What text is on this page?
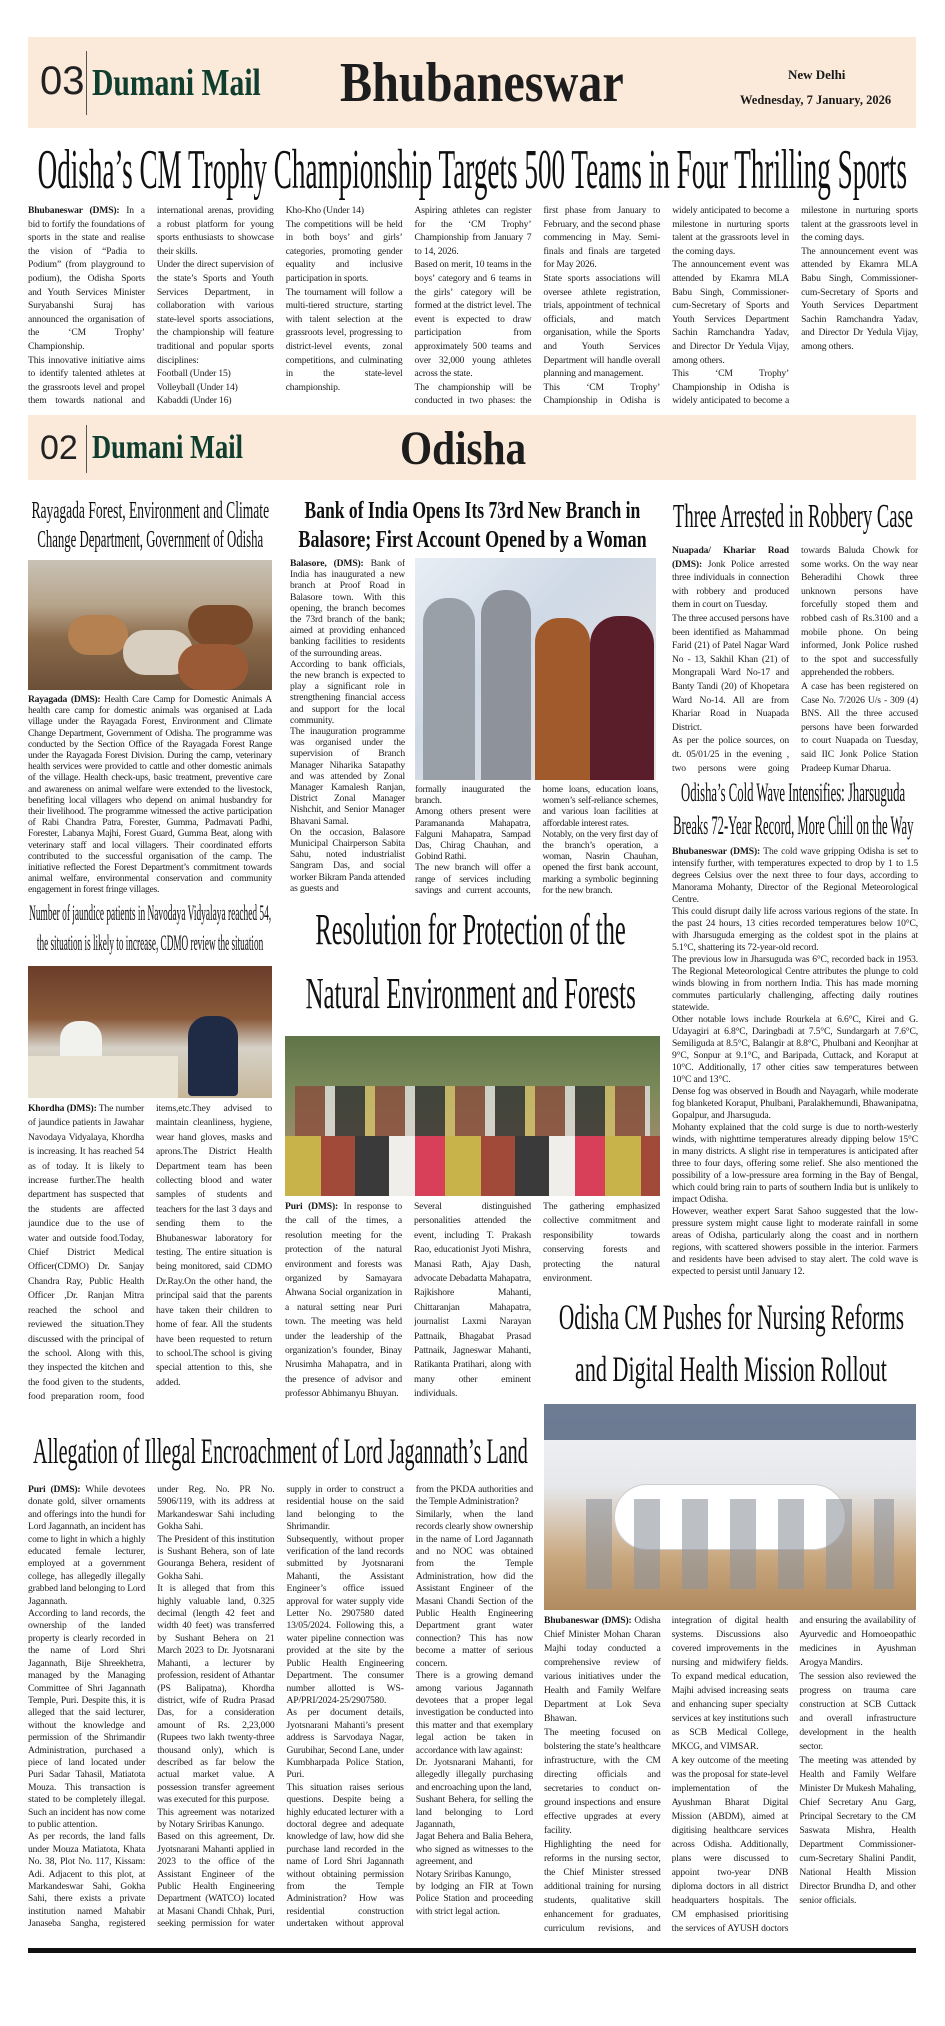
03 Dumani Mail Bhubaneswar	New Delhi
Wednesday, 7 January, 2026
Odisha’s CM Trophy Championship Targets 500 Teams in Four Thrilling Sports

Bhubaneswar (DMS): In a bid to fortify the foundations of sports in the state and realise the vision of “Padia to Podium” (from playground to podium), the Odisha Sports and Youth Services Minister Suryabanshi Suraj has announced the organisation of the ‘CM Trophy’ Championship.

This innovative initiative aims to identify talented athletes at the grassroots level and propel them towards national and international arenas, providing a robust platform for young sports enthusiasts to showcase their skills.

Under the direct supervision of the state’s Sports and Youth Services Department, in collaboration with various state-level sports associations, the championship will feature traditional and popular sports disciplines:

Football (Under 15)

Volleyball (Under 14)

Kabaddi (Under 16)

Kho-Kho (Under 14)

The competitions will be held in both boys’ and girls’ categories, promoting gender equality and inclusive participation in sports.

The tournament will follow a multi-tiered structure, starting with talent selection at the grassroots level, progressing to district-level events, zonal competitions, and culminating in the state-level championship.

Aspiring athletes can register for the ‘CM Trophy’ Championship from January 7 to 14, 2026.

Based on merit, 10 teams in the boys’ category and 6 teams in the girls’ category will be formed at the district level. The event is expected to draw participation from approximately 500 teams and over 32,000 young athletes across the state.

The championship will be conducted in two phases: the first phase from January to February, and the second phase commencing in May. Semi-finals and finals are targeted for May 2026.

State sports associations will oversee athlete registration, trials, appointment of technical officials, and match organisation, while the Sports and Youth Services Department will handle overall planning and management.

This ‘CM Trophy’ Championship in Odisha is widely anticipated to become a milestone in nurturing sports talent at the grassroots level in the coming days.

The announcement event was attended by Ekamra MLA Babu Singh, Commissioner-cum-Secretary of Sports and Youth Services Department Sachin Ramchandra Yadav, and Director Dr Yedula Vijay, among others.

This ‘CM Trophy’ Championship in Odisha is widely anticipated to become a milestone in nurturing sports talent at the grassroots level in the coming days.

The announcement event was attended by Ekamra MLA Babu Singh, Commissioner-cum-Secretary of Sports and Youth Services Department Sachin Ramchandra Yadav, and Director Dr Yedula Vijay, among others.

02 Dumani Mail	Odisha
Rayagada Forest, Environment and Climate
Change Department, Government of Odisha

Rayagada (DMS): Health Care Camp for Domestic Animals A health care camp for domestic animals was organised at Lada village under the Rayagada Forest, Environment and Climate Change Department, Government of Odisha. The programme was conducted by the Section Office of the Rayagada Forest Range under the Rayagada Forest Division. During the camp, veterinary health services were provided to cattle and other domestic animals of the village. Health check-ups, basic treatment, preventive care and awareness on animal welfare were extended to the livestock, benefiting local villagers who depend on animal husbandry for their livelihood. The programme witnessed the active participation of Rabi Chandra Patra, Forester, Gumma, Padmavati Padhi, Forester, Labanya Majhi, Forest Guard, Gumma Beat, along with veterinary staff and local villagers. Their coordinated efforts contributed to the successful organisation of the camp. The initiative reflected the Forest Department’s commitment towards animal welfare, environmental conservation and community engagement in forest fringe villages.

Number of jaundice patients in Navodaya Vidyalaya reached 54,
the situation is likely to increase, CDMO review the situation

Khordha (DMS): The number of jaundice patients in Jawahar Navodaya Vidyalaya, Khordha is increasing. It has reached 54 as of today. It is likely to increase further.The health department has suspected that the students are affected jaundice due to the use of water and outside food.Today, Chief District Medical Officer(CDMO) Dr. Sanjay Chandra Ray, Public Health Officer ,Dr. Ranjan Mitra reached the school and reviewed the situation.They discussed with the principal of the school. Along with this, they inspected the kitchen and the food given to the students, food preparation room, food items,etc.They advised to maintain cleanliness, hygiene, wear hand gloves, masks and aprons.The District Health Department team has been collecting blood and water samples of students and teachers for the last 3 days and sending them to the Bhubaneswar laboratory for testing. The entire situation is being monitored, said CDMO Dr.Ray.On the other hand, the principal said that the parents have taken their children to home of fear. All the students have been requested to return to school.The school is giving special attention to this, she added.

Bank of India Opens Its 73rd New Branch in
Balasore; First Account Opened by a Woman

Balasore, (DMS): Bank of India has inaugurated a new branch at Proof Road in Balasore town. With this opening, the branch becomes the 73rd branch of the bank; aimed at providing enhanced banking facilities to residents of the surrounding areas.

According to bank officials, the new branch is expected to play a significant role in strengthening financial access and support for the local community.

The inauguration programme was organised under the supervision of Branch Manager Niharika Satapathy and was attended by Zonal Manager Kamalesh Ranjan, District Zonal Manager Nishchit, and Senior Manager Bhavani Samal.

On the occasion, Balasore Municipal Chairperson Sabita Sahu, noted industrialist Sangram Das, and social worker Bikram Panda attended as guests and

formally inaugurated the branch.

Among others present were Paramananda Mahapatra, Falguni Mahapatra, Sampad Das, Chirag Chauhan, and Gobind Rathi.

The new branch will offer a range of services including savings and current accounts, home loans, education loans, women’s self-reliance schemes, and various loan facilities at affordable interest rates.

Notably, on the very first day of the branch’s operation, a woman, Nasrin Chauhan, opened the first bank account, marking a symbolic beginning for the new branch.

Resolution for Protection of the
Natural Environment and Forests

Puri (DMS): In response to the call of the times, a resolution meeting for the protection of the natural environment and forests was organized by Samayara Ahwana Social organization in a natural setting near Puri town. The meeting was held under the leadership of the organization’s founder, Binay Nrusimha Mahapatra, and in the presence of advisor and professor Abhimanyu Bhuyan.

Several distinguished personalities attended the event, including T. Prakash Rao, educationist Jyoti Mishra, Manasi Rath, Ajay Dash, advocate Debadatta Mahapatra, Rajkishore Mahanti, Chittaranjan Mahapatra, journalist Laxmi Narayan Pattnaik, Bhagabat Prasad Pattnaik, Jagneswar Mahanti, Ratikanta Pratihari, along with many other eminent individuals.

The gathering emphasized collective commitment and responsibility towards conserving forests and protecting the natural environment.

Three Arrested in Robbery Case

Nuapada/ Khariar Road (DMS): Jonk Police arrested three individuals in connection with robbery and produced them in court on Tuesday.

The three accused persons have been identified as Mahammad Farid (21) of Patel Nagar Ward No - 13, Sakhil Khan (21) of Mongrapali Ward No-17 and Banty Tandi (20) of Khopetara Ward No-14. All are from Khariar Road in Nuapada District.

As per the police sources, on dt. 05/01/25 in the evening , two persons were going towards Baluda Chowk for some works. On the way near Beheradihi Chowk three unknown persons have forcefully stoped them and robbed cash of Rs.3100 and a mobile phone. On being informed, Jonk Police rushed to the spot and successfully apprehended the robbers.

A case has been registered on Case No. 7/2026 U/s - 309 (4) BNS. All the three accused persons have been forwarded to court Nuapada on Tuesday, said IIC Jonk Police Station Pradeep Kumar Dharua.

Odisha’s Cold Wave Intensifies: Jharsuguda
Breaks 72-Year Record, More Chill on the Way

Bhubaneswar (DMS): The cold wave gripping Odisha is set to intensify further, with temperatures expected to drop by 1 to 1.5 degrees Celsius over the next three to four days, according to Manorama Mohanty, Director of the Regional Meteorological Centre.

This could disrupt daily life across various regions of the state. In the past 24 hours, 13 cities recorded temperatures below 10°C, with Jharsuguda emerging as the coldest spot in the plains at 5.1°C, shattering its 72-year-old record.

The previous low in Jharsuguda was 6°C, recorded back in 1953. The Regional Meteorological Centre attributes the plunge to cold winds blowing in from northern India. This has made morning commutes particularly challenging, affecting daily routines statewide.

Other notable lows include Rourkela at 6.6°C, Kirei and G. Udayagiri at 6.8°C, Daringbadi at 7.5°C, Sundargarh at 7.6°C, Semiliguda at 8.5°C, Balangir at 8.8°C, Phulbani and Keonjhar at 9°C, Sonpur at 9.1°C, and Baripada, Cuttack, and Koraput at 10°C. Additionally, 17 other cities saw temperatures between 10°C and 13°C.

Dense fog was observed in Boudh and Nayagarh, while moderate fog blanketed Koraput, Phulbani, Paralakhemundi, Bhawanipatna, Gopalpur, and Jharsuguda.

Mohanty explained that the cold surge is due to north-westerly winds, with nighttime temperatures already dipping below 15°C in many districts. A slight rise in temperatures is anticipated after three to four days, offering some relief. She also mentioned the possibility of a low-pressure area forming in the Bay of Bengal, which could bring rain to parts of southern India but is unlikely to impact Odisha.

However, weather expert Sarat Sahoo suggested that the low-pressure system might cause light to moderate rainfall in some areas of Odisha, particularly along the coast and in northern regions, with scattered showers possible in the interior. Farmers and residents have been advised to stay alert. The cold wave is expected to persist until January 12.

Odisha CM Pushes for Nursing Reforms
and Digital Health Mission Rollout

Bhubaneswar (DMS): Odisha Chief Minister Mohan Charan Majhi today conducted a comprehensive review of various initiatives under the Health and Family Welfare Department at Lok Seva Bhawan.

The meeting focused on bolstering the state’s healthcare infrastructure, with the CM directing officials and secretaries to conduct on-ground inspections and ensure effective upgrades at every facility.

Highlighting the need for reforms in the nursing sector, the Chief Minister stressed additional training for nursing students, qualitative skill enhancement for graduates, curriculum revisions, and integration of digital health systems. Discussions also covered improvements in the nursing and midwifery fields. To expand medical education, Majhi advised increasing seats and enhancing super specialty services at key institutions such as SCB Medical College, MKCG, and VIMSAR.

A key outcome of the meeting was the proposal for state-level implementation of the Ayushman Bharat Digital Mission (ABDM), aimed at digitising healthcare services across Odisha. Additionally, plans were discussed to appoint two-year DNB diploma doctors in all district headquarters hospitals. The CM emphasised prioritising the services of AYUSH doctors and ensuring the availability of Ayurvedic and Homoeopathic medicines in Ayushman Arogya Mandirs.

The session also reviewed the progress on trauma care construction at SCB Cuttack and overall infrastructure development in the health sector.

The meeting was attended by Health and Family Welfare Minister Dr Mukesh Mahaling, Chief Secretary Anu Garg, Principal Secretary to the CM Saswata Mishra, Health Department Commissioner-cum-Secretary Shalini Pandit, National Health Mission Director Brundha D, and other senior officials.

Allegation of Illegal Encroachment of Lord Jagannath’s Land

Puri (DMS): While devotees donate gold, silver ornaments and offerings into the hundi for Lord Jagannath, an incident has come to light in which a highly educated female lecturer, employed at a government college, has allegedly illegally grabbed land belonging to Lord Jagannath.

According to land records, the ownership of the landed property is clearly recorded in the name of Lord Shri Jagannath, Bije Shreekhetra, managed by the Managing Committee of Shri Jagannath Temple, Puri. Despite this, it is alleged that the said lecturer, without the knowledge and permission of the Shrimandir Administration, purchased a piece of land located under Puri Sadar Tahasil, Matiatota Mouza. This transaction is stated to be completely illegal. Such an incident has now come to public attention.

As per records, the land falls under Mouza Matiatota, Khata No. 38, Plot No. 117, Kissam: Adi. Adjacent to this plot, at Markandeswar Sahi, Gokha Sahi, there exists a private institution named Mahabir Janaseba Sangha, registered under Reg. No. PR No. 5906/119, with its address at Markandeswar Sahi including Gokha Sahi.

The President of this institution is Sushant Behera, son of late Gouranga Behera, resident of Gokha Sahi.

It is alleged that from this highly valuable land, 0.325 decimal (length 42 feet and width 40 feet) was transferred by Sushant Behera on 21 March 2023 to Dr. Jyotsnarani Mahanti, a lecturer by profession, resident of Athantar (PS Balipatna), Khordha district, wife of Rudra Prasad Das, for a consideration amount of Rs. 2,23,000 (Rupees two lakh twenty-three thousand only), which is described as far below the actual market value. A possession transfer agreement was executed for this purpose.

This agreement was notarized by Notary Sriribas Kanungo.

Based on this agreement, Dr. Jyotsnarani Mahanti applied in 2023 to the office of the Assistant Engineer of the Public Health Engineering Department (WATCO) located at Masani Chandi Chhak, Puri, seeking permission for water supply in order to construct a residential house on the said land belonging to the Shrimandir.

Subsequently, without proper verification of the land records submitted by Jyotsnarani Mahanti, the Assistant Engineer’s office issued approval for water supply vide Letter No. 2907580 dated 13/05/2024. Following this, a water pipeline connection was provided at the site by the Public Health Engineering Department. The consumer number allotted is WS-AP/PRI/2024-25/2907580.

As per document details, Jyotsnarani Mahanti’s present address is Sarvodaya Nagar, Gurubihar, Second Lane, under Kumbharpada Police Station, Puri.

This situation raises serious questions. Despite being a highly educated lecturer with a doctoral degree and adequate knowledge of law, how did she purchase land recorded in the name of Lord Shri Jagannath without obtaining permission from the Temple Administration? How was residential construction undertaken without approval from the PKDA authorities and the Temple Administration?

Similarly, when the land records clearly show ownership in the name of Lord Jagannath and no NOC was obtained from the Temple Administration, how did the Assistant Engineer of the Masani Chandi Section of the Public Health Engineering Department grant water connection? This has now become a matter of serious concern.

There is a growing demand among various Jagannath devotees that a proper legal investigation be conducted into this matter and that exemplary legal action be taken in accordance with law against:

Dr. Jyotsnarani Mahanti, for allegedly illegally purchasing and encroaching upon the land,

Sushant Behera, for selling the land belonging to Lord Jagannath,

Jagat Behera and Balia Behera, who signed as witnesses to the agreement, and

Notary Sriribas Kanungo,

by lodging an FIR at Town Police Station and proceeding with strict legal action.
